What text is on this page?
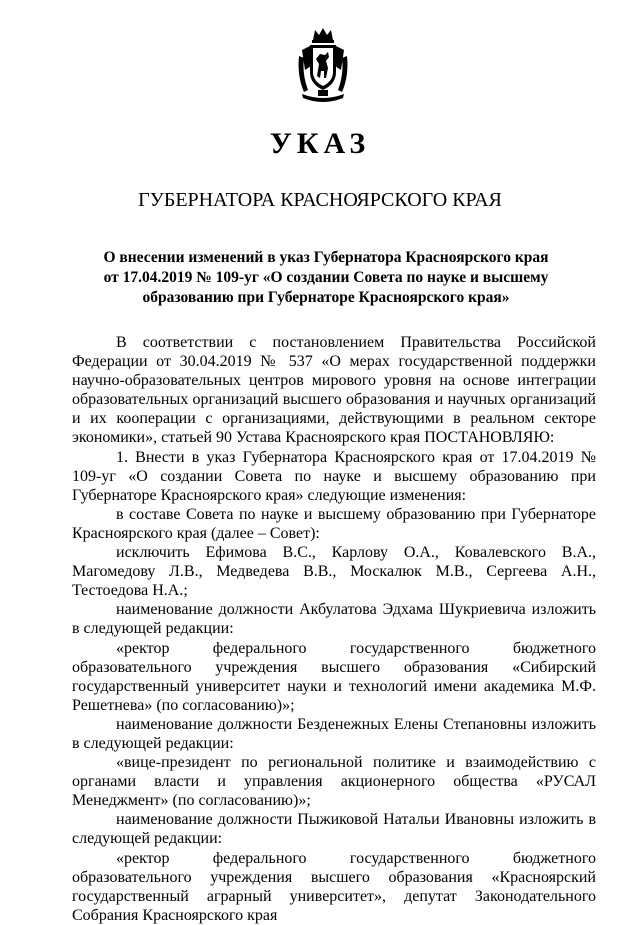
УКАЗ
ГУБЕРНАТОРА КРАСНОЯРСКОГО КРАЯ
О внесении изменений в указ Губернатора Красноярского края
от 17.04.2019 № 109-уг «О создании Совета по науке и высшему
образованию при Губернаторе Красноярского края»

В соответствии с постановлением Правительства Российской Федерации от 30.04.2019 № 537 «О мерах государственной поддержки научно-образовательных центров мирового уровня на основе интеграции образовательных организаций высшего образования и научных организаций и их кооперации с организациями, действующими в реальном секторе экономики», статьей 90 Устава Красноярского края ПОСТАНОВЛЯЮ:

1. Внести в указ Губернатора Красноярского края от 17.04.2019 № 109-уг «О создании Совета по науке и высшему образованию при Губернаторе Красноярского края» следующие изменения:

в составе Совета по науке и высшему образованию при Губернаторе Красноярского края (далее – Совет):

исключить Ефимова В.С., Карлову О.А., Ковалевского В.А., Магомедову Л.В., Медведева В.В., Москалюк М.В., Сергеева А.Н., Тестоедова Н.А.;

наименование должности Акбулатова Эдхама Шукриевича изложить в следующей редакции:

«ректор федерального государственного бюджетного образовательного учреждения высшего образования «Сибирский государственный университет науки и технологий имени академика М.Ф. Решетнева» (по согласованию)»;

наименование должности Безденежных Елены Степановны изложить в следующей редакции:

«вице-президент по региональной политике и взаимодействию с органами власти и управления акционерного общества «РУСАЛ Менеджмент» (по согласованию)»;

наименование должности Пыжиковой Натальи Ивановны изложить в следующей редакции:

«ректор федерального государственного бюджетного образовательного учреждения высшего образования «Красноярский государственный аграрный университет», депутат Законодательного Собрания Красноярского края
